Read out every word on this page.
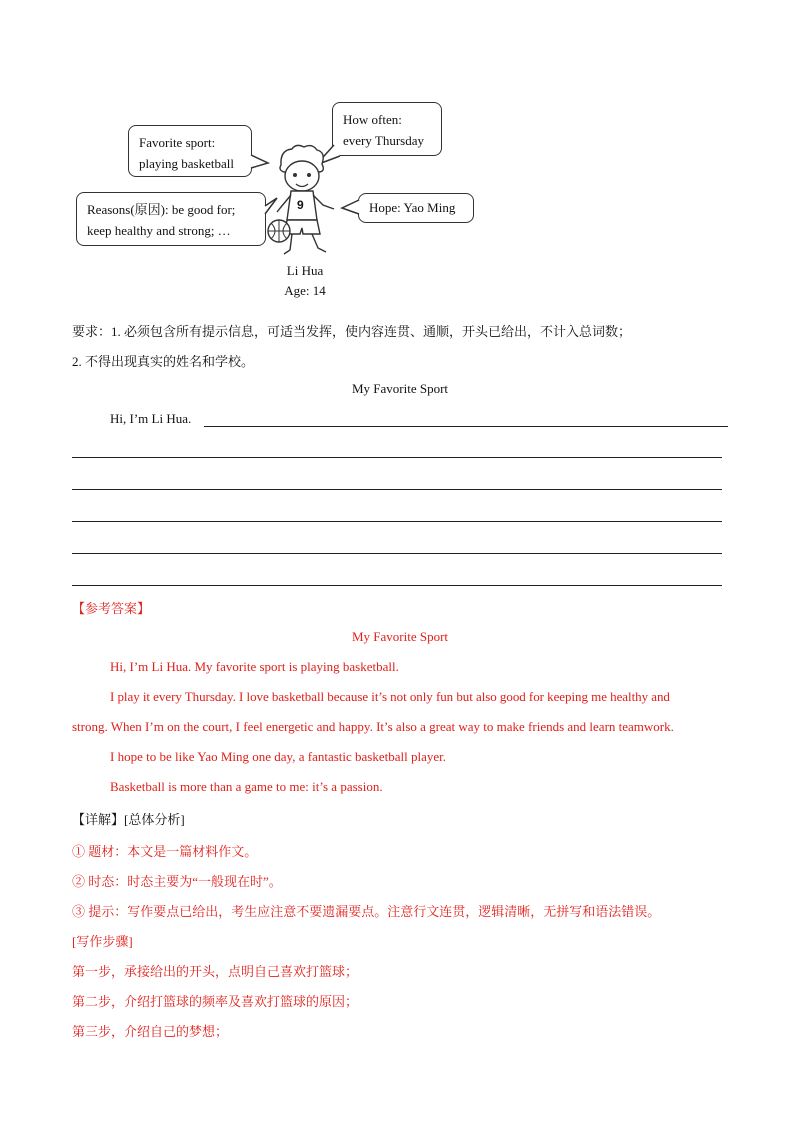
Favorite sport:
playing basketball
Reasons(原因): be good for;
keep healthy and strong; …
How often:
every Thursday
Hope: Yao Ming
9
Li Hua
Age: 14
要求：1. 必须包含所有提示信息，可适当发挥，使内容连贯、通顺，开头已给出，不计入总词数；
2. 不得出现真实的姓名和学校。
My Favorite Sport
Hi, I’m Li Hua.
【参考答案】
My Favorite Sport
Hi, I’m Li Hua. My favorite sport is playing basketball.
I play it every Thursday. I love basketball because it’s not only fun but also good for keeping me healthy and
strong. When I’m on the court, I feel energetic and happy. It’s also a great way to make friends and learn teamwork.
I hope to be like Yao Ming one day, a fantastic basketball player.
Basketball is more than a game to me: it’s a passion.
【详解】[总体分析]
① 题材：本文是一篇材料作文。
② 时态：时态主要为“一般现在时”。
③ 提示：写作要点已给出，考生应注意不要遗漏要点。注意行文连贯，逻辑清晰，无拼写和语法错误。
[写作步骤]
第一步，承接给出的开头，点明自己喜欢打篮球；
第二步，介绍打篮球的频率及喜欢打篮球的原因；
第三步，介绍自己的梦想；
